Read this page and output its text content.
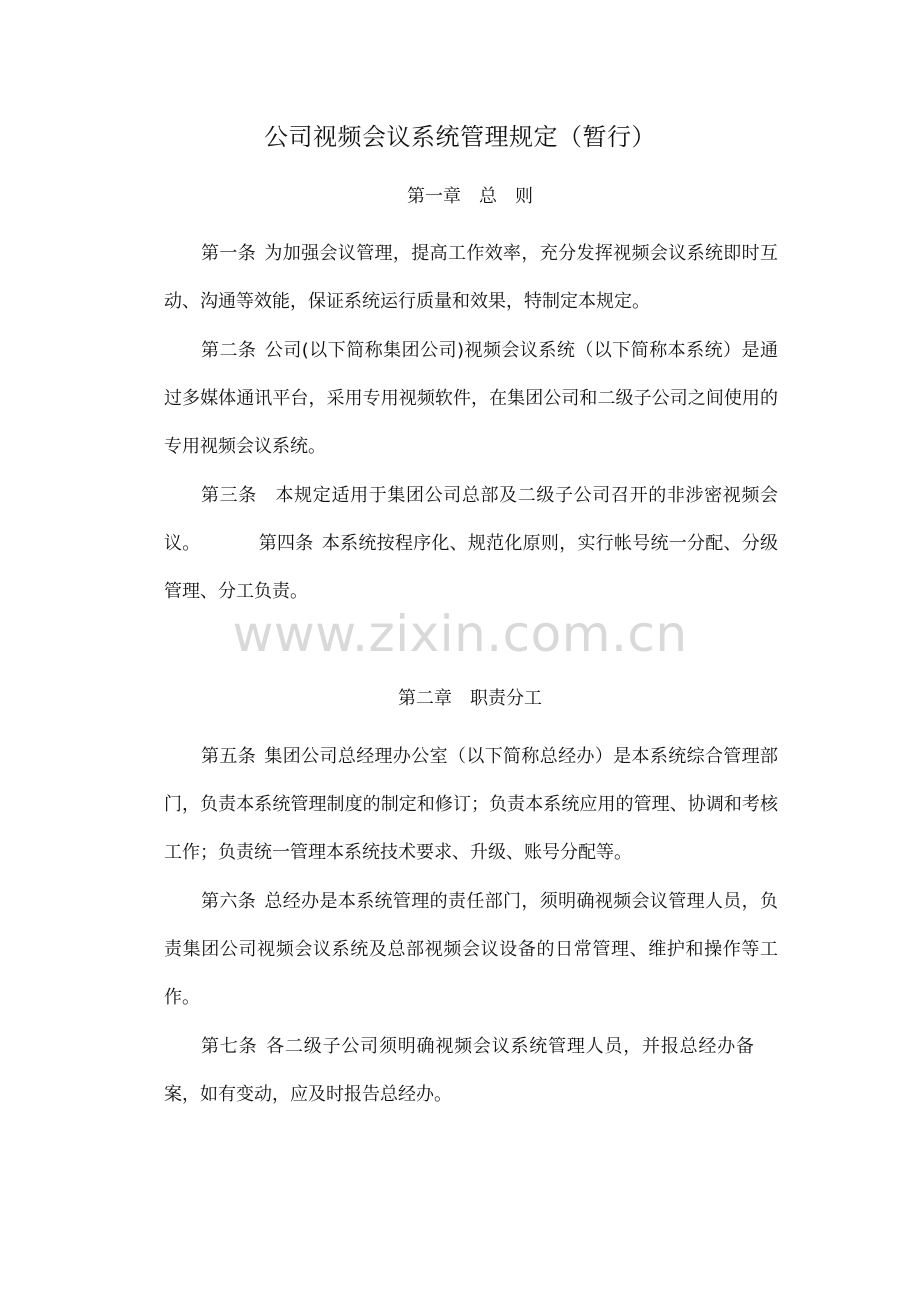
公司视频会议系统管理规定（暂行）
第一章　总　则
第一条 为加强会议管理，提高工作效率，充分发挥视频会议系统即时互动、沟通等效能，保证系统运行质量和效果，特制定本规定。
第二条 公司(以下简称集团公司)视频会议系统（以下简称本系统）是通过多媒体通讯平台，采用专用视频软件，在集团公司和二级子公司之间使用的专用视频会议系统。
第三条 本规定适用于集团公司总部及二级子公司召开的非涉密视频会议。	第四条 本系统按程序化、规范化原则，实行帐号统一分配、分级管理、分工负责。
www.zixin.com.cn
第二章　职责分工
第五条 集团公司总经理办公室（以下简称总经办）是本系统综合管理部门，负责本系统管理制度的制定和修订；负责本系统应用的管理、协调和考核工作；负责统一管理本系统技术要求、升级、账号分配等。
第六条 总经办是本系统管理的责任部门，须明确视频会议管理人员，负责集团公司视频会议系统及总部视频会议设备的日常管理、维护和操作等工作。
第七条 各二级子公司须明确视频会议系统管理人员，并报总经办备案，如有变动，应及时报告总经办。
